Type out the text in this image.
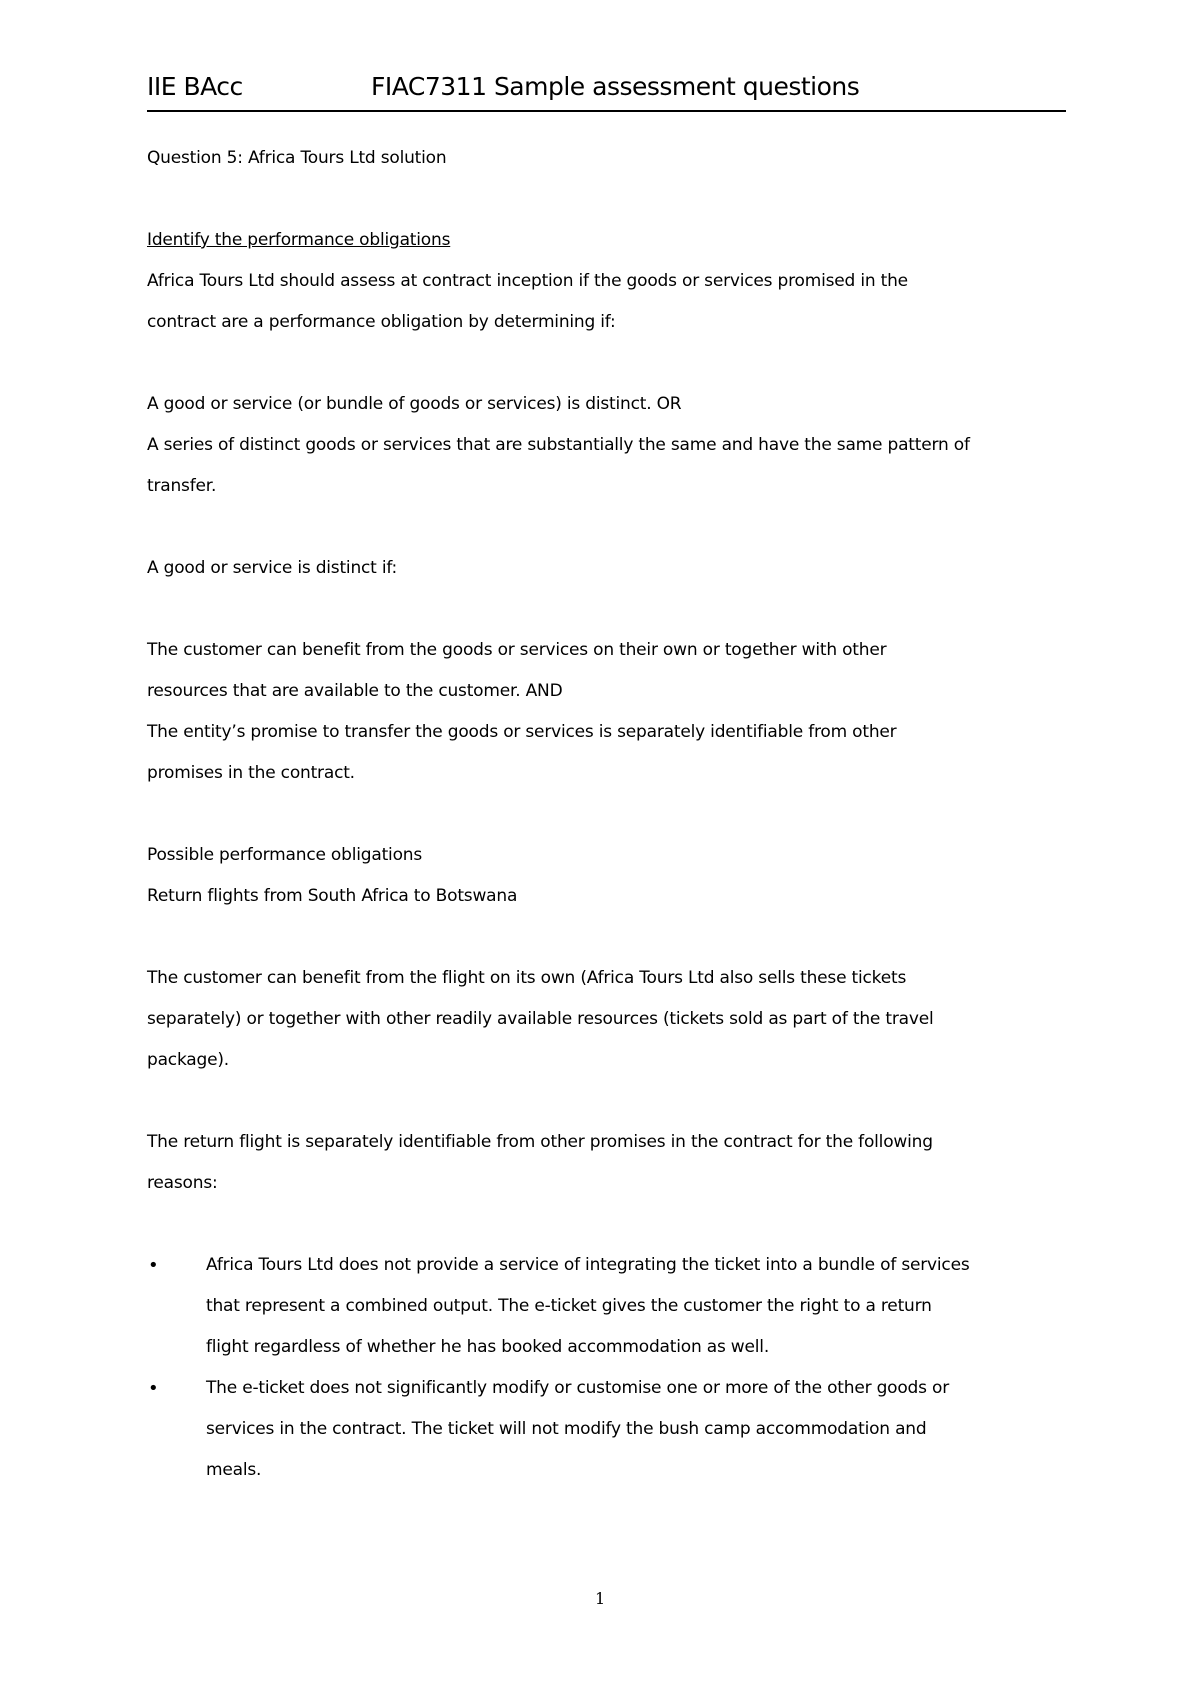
IIE BAcc	FIAC7311 Sample assessment questions
Question 5: Africa Tours Ltd solution
Identify the performance obligations
Africa Tours Ltd should assess at contract inception if the goods or services promised in the
contract are a performance obligation by determining if:
A good or service (or bundle of goods or services) is distinct. OR
A series of distinct goods or services that are substantially the same and have the same pattern of
transfer.
A good or service is distinct if:
The customer can benefit from the goods or services on their own or together with other
resources that are available to the customer. AND
The entity’s promise to transfer the goods or services is separately identifiable from other
promises in the contract.
Possible performance obligations
Return flights from South Africa to Botswana
The customer can benefit from the flight on its own (Africa Tours Ltd also sells these tickets
separately) or together with other readily available resources (tickets sold as part of the travel
package).
The return flight is separately identifiable from other promises in the contract for the following
reasons:
•	Africa Tours Ltd does not provide a service of integrating the ticket into a bundle of services
that represent a combined output. The e-ticket gives the customer the right to a return
flight regardless of whether he has booked accommodation as well.
•	The e-ticket does not significantly modify or customise one or more of the other goods or
services in the contract. The ticket will not modify the bush camp accommodation and
meals.
1
